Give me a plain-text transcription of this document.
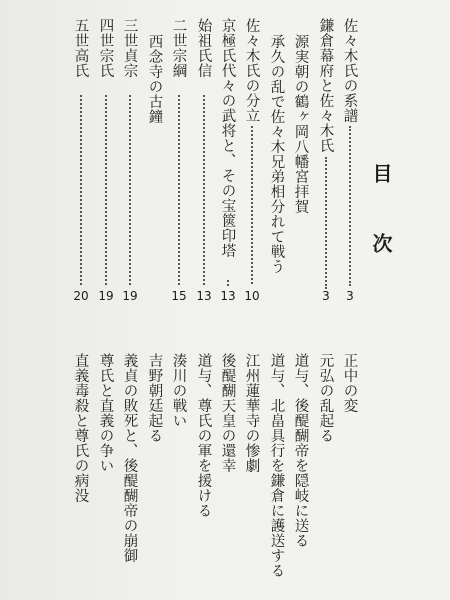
目
次
佐々木氏の系譜
3
鎌倉幕府と佐々木氏
3
源実朝の鶴ヶ岡八幡宮拝賀
承久の乱で佐々木兄弟相分れて戦う
佐々木氏の分立
10
京極氏代々の武将と、その宝篋印塔
13
始祖氏信
13
二世宗綱
15
西念寺の古鐘
三世貞宗
19
四世宗氏
19
五世高氏
20
正中の変
元弘の乱起る
道与、後醍醐帝を隠岐に送る
道与、北畠具行を鎌倉に護送する
江州蓮華寺の惨劇
後醍醐天皇の還幸
道与、尊氏の軍を援ける
湊川の戦い
吉野朝廷起る
義貞の敗死と、後醍醐帝の崩御
尊氏と直義の争い
直義毒殺と尊氏の病没
